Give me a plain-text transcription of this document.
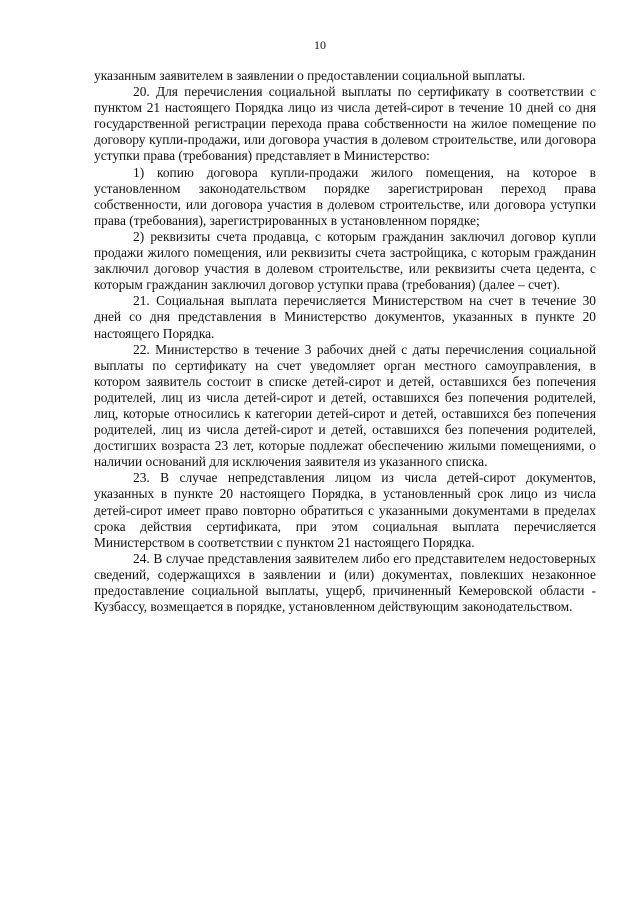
10

указанным заявителем в заявлении о предоставлении социальной выплаты.

20. Для перечисления социальной выплаты по сертификату в соответствии с пунктом 21 настоящего Порядка лицо из числа детей-сирот в течение 10 дней со дня государственной регистрации перехода права собственности на жилое помещение по договору купли-продажи, или договора участия в долевом строительстве, или договора уступки права (требования) представляет в Министерство:

1) копию договора купли-продажи жилого помещения, на которое в установленном законодательством порядке зарегистрирован переход права собственности, или договора участия в долевом строительстве, или договора уступки права (требования), зарегистрированных в установленном порядке;

2) реквизиты счета продавца, с которым гражданин заключил договор купли продажи жилого помещения, или реквизиты счета застройщика, с которым гражданин заключил договор участия в долевом строительстве, или реквизиты счета цедента, с которым гражданин заключил договор уступки права (требования) (далее – счет).

21. Социальная выплата перечисляется Министерством на счет в течение 30 дней со дня представления в Министерство документов, указанных в пункте 20 настоящего Порядка.

22. Министерство в течение 3 рабочих дней с даты перечисления социальной выплаты по сертификату на счет уведомляет орган местного самоуправления, в котором заявитель состоит в списке детей-сирот и детей, оставшихся без попечения родителей, лиц из числа детей-сирот и детей, оставшихся без попечения родителей, лиц, которые относились к категории детей-сирот и детей, оставшихся без попечения родителей, лиц из числа детей-сирот и детей, оставшихся без попечения родителей, достигших возраста 23 лет, которые подлежат обеспечению жилыми помещениями, о наличии оснований для исключения заявителя из указанного списка.

23. В случае непредставления лицом из числа детей-сирот документов, указанных в пункте 20 настоящего Порядка, в установленный срок лицо из числа детей-сирот имеет право повторно обратиться с указанными документами в пределах срока действия сертификата, при этом социальная выплата перечисляется Министерством в соответствии с пунктом 21 настоящего Порядка.

24. В случае представления заявителем либо его представителем недостоверных сведений, содержащихся в заявлении и (или) документах, повлекших незаконное предоставление социальной выплаты, ущерб, причиненный Кемеровской области - Кузбассу, возмещается в порядке, установленном действующим законодательством.
